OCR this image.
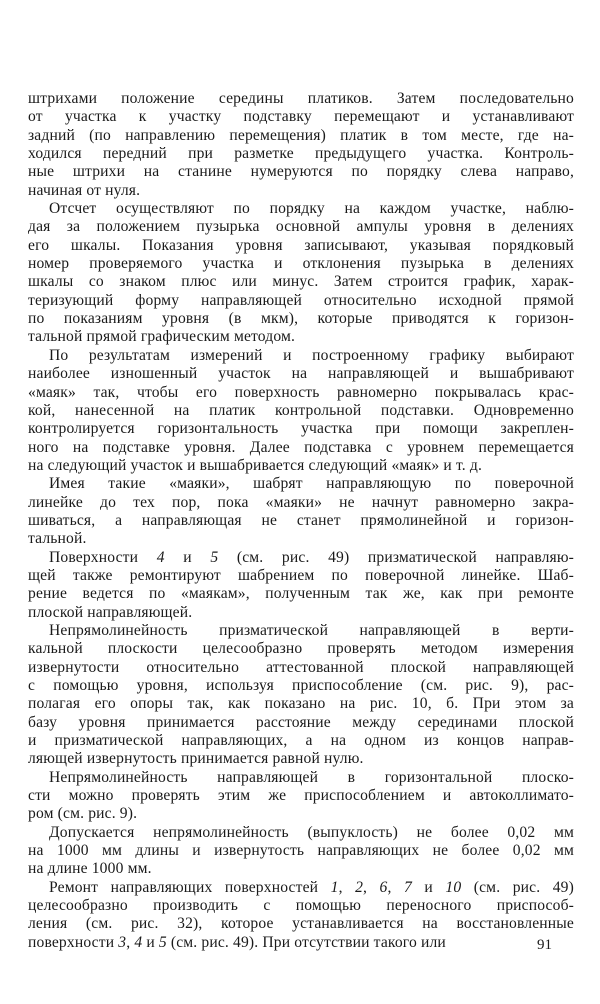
штрихами положение середины платиков. Затем последовательно
от участка к участку подставку перемещают и устанавливают
задний (по направлению перемещения) платик в том месте, где на-
ходился передний при разметке предыдущего участка. Контроль-
ные штрихи на станине нумеруются по порядку слева направо,
начиная от нуля.
Отсчет осуществляют по порядку на каждом участке, наблю-
дая за положением пузырька основной ампулы уровня в делениях
его шкалы. Показания уровня записывают, указывая порядковый
номер проверяемого участка и отклонения пузырька в делениях
шкалы со знаком плюс или минус. Затем строится график, харак-
теризующий форму направляющей относительно исходной прямой
по показаниям уровня (в мкм), которые приводятся к горизон-
тальной прямой графическим методом.
По результатам измерений и построенному графику выбирают
наиболее изношенный участок на направляющей и вышабривают
«маяк» так, чтобы его поверхность равномерно покрывалась крас-
кой, нанесенной на платик контрольной подставки. Одновременно
контролируется горизонтальность участка при помощи закреплен-
ного на подставке уровня. Далее подставка с уровнем перемещается
на следующий участок и вышабривается следующий «маяк» и т. д.
Имея такие «маяки», шабрят направляющую по поверочной
линейке до тех пор, пока «маяки» не начнут равномерно закра-
шиваться, а направляющая не станет прямолинейной и горизон-
тальной.
Поверхности 4 и 5 (см. рис. 49) призматической направляю-
щей также ремонтируют шабрением по поверочной линейке. Шаб-
рение ведется по «маякам», полученным так же, как при ремонте
плоской направляющей.
Непрямолинейность призматической направляющей в верти-
кальной плоскости целесообразно проверять методом измерения
извернутости относительно аттестованной плоской направляющей
с помощью уровня, используя приспособление (см. рис. 9), рас-
полагая его опоры так, как показано на рис. 10, б. При этом за
базу уровня принимается расстояние между серединами плоской
и призматической направляющих, а на одном из концов направ-
ляющей извернутость принимается равной нулю.
Непрямолинейность направляющей в горизонтальной плоско-
сти можно проверять этим же приспособлением и автоколлимато-
ром (см. рис. 9).
Допускается непрямолинейность (выпуклость) не более 0,02 мм
на 1000 мм длины и извернутость направляющих не более 0,02 мм
на длине 1000 мм.
Ремонт направляющих поверхностей 1, 2, 6, 7 и 10 (см. рис. 49)
целесообразно производить с помощью переносного приспособ-
ления (см. рис. 32), которое устанавливается на восстановленные
поверхности 3, 4 и 5 (см. рис. 49). При отсутствии такого или	91
